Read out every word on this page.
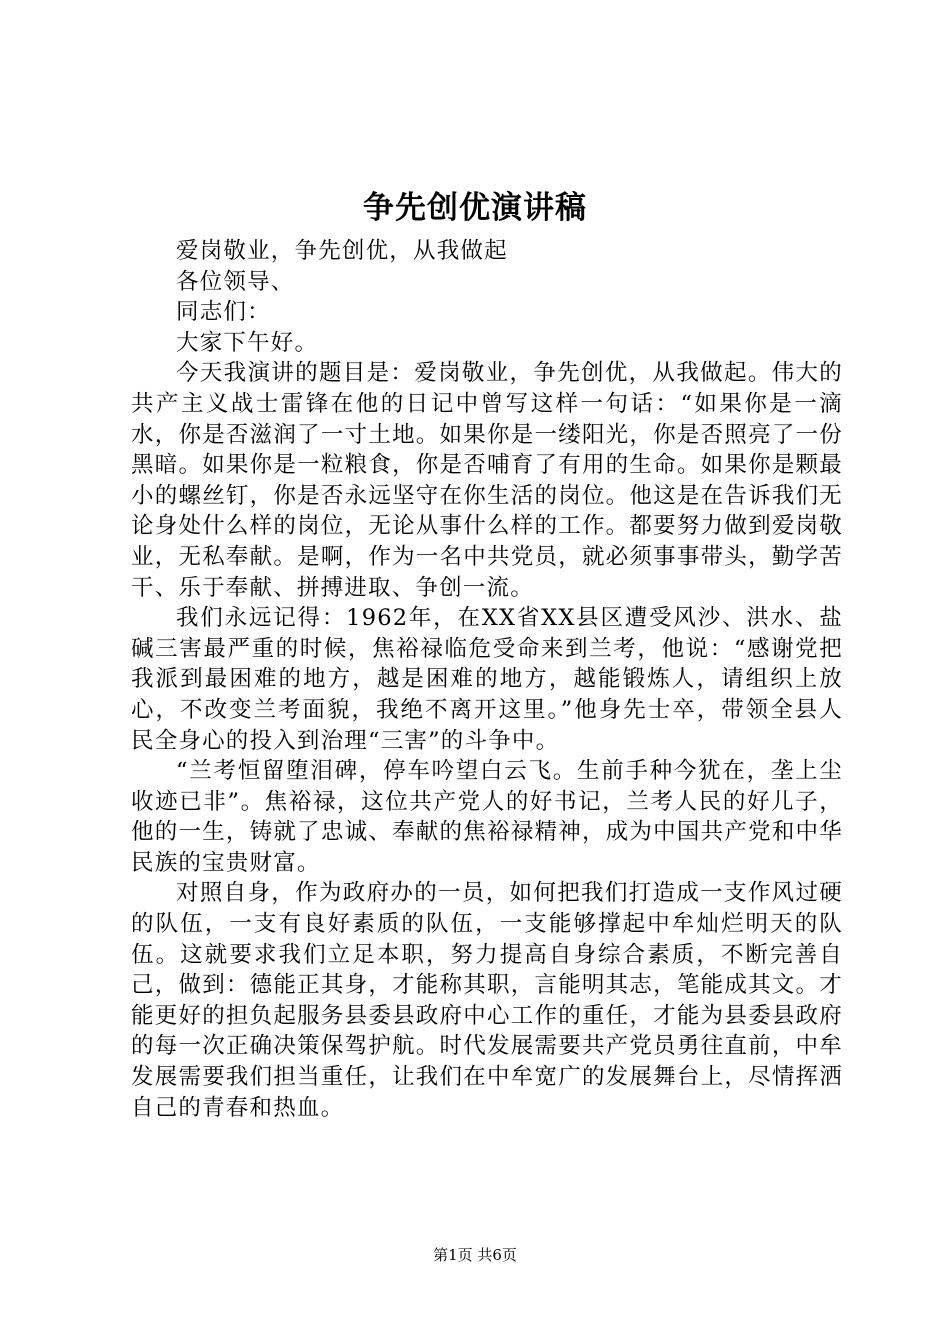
争先创优演讲稿

爱岗敬业，争先创优，从我做起

各位领导、

同志们：

大家下午好。

今天我演讲的题目是：爱岗敬业，争先创优，从我做起。伟大的共产主义战士雷锋在他的日记中曾写这样一句话：“如果你是一滴水，你是否滋润了一寸土地。如果你是一缕阳光，你是否照亮了一份黑暗。如果你是一粒粮食，你是否哺育了有用的生命。如果你是颗最小的螺丝钉，你是否永远坚守在你生活的岗位。他这是在告诉我们无论身处什么样的岗位，无论从事什么样的工作。都要努力做到爱岗敬业，无私奉献。是啊，作为一名中共党员，就必须事事带头，勤学苦干、乐于奉献、拼搏进取、争创一流。

我们永远记得：1962年，在XX省XX县区遭受风沙、洪水、盐碱三害最严重的时候，焦裕禄临危受命来到兰考，他说：“感谢党把我派到最困难的地方，越是困难的地方，越能锻炼人，请组织上放心，不改变兰考面貌，我绝不离开这里。”他身先士卒，带领全县人民全身心的投入到治理“三害”的斗争中。

“兰考恒留堕泪碑，停车吟望白云飞。生前手种今犹在，垄上尘收迹已非”。焦裕禄，这位共产党人的好书记，兰考人民的好儿子，他的一生，铸就了忠诚、奉献的焦裕禄精神，成为中国共产党和中华民族的宝贵财富。

对照自身，作为政府办的一员，如何把我们打造成一支作风过硬的队伍，一支有良好素质的队伍，一支能够撑起中牟灿烂明天的队伍。这就要求我们立足本职，努力提高自身综合素质，不断完善自己，做到：德能正其身，才能称其职，言能明其志，笔能成其文。才能更好的担负起服务县委县政府中心工作的重任，才能为县委县政府的每一次正确决策保驾护航。时代发展需要共产党员勇往直前，中牟发展需要我们担当重任，让我们在中牟宽广的发展舞台上，尽情挥洒自己的青春和热血。

第1页 共6页
